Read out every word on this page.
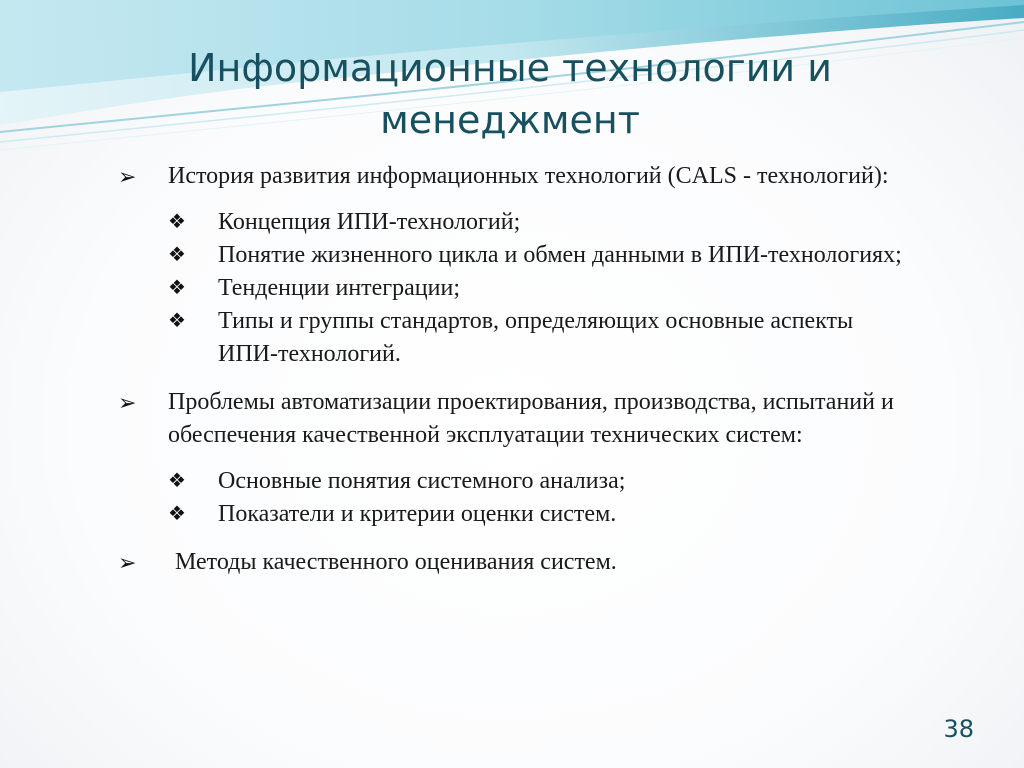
Информационные технологии и менеджмент
➢ История развития информационных технологий (CALS - технологий):
❖ Концепция ИПИ-технологий;
❖ Понятие жизненного цикла и обмен данными в ИПИ-технологиях;
❖ Тенденции интеграции;
❖ Типы и группы стандартов, определяющих основные аспекты ИПИ-технологий.
➢ Проблемы автоматизации проектирования, производства, испытаний и обеспечения качественной эксплуатации технических систем:
❖ Основные понятия системного анализа;
❖ Показатели и критерии оценки систем.
➢ Методы качественного оценивания систем.
38
